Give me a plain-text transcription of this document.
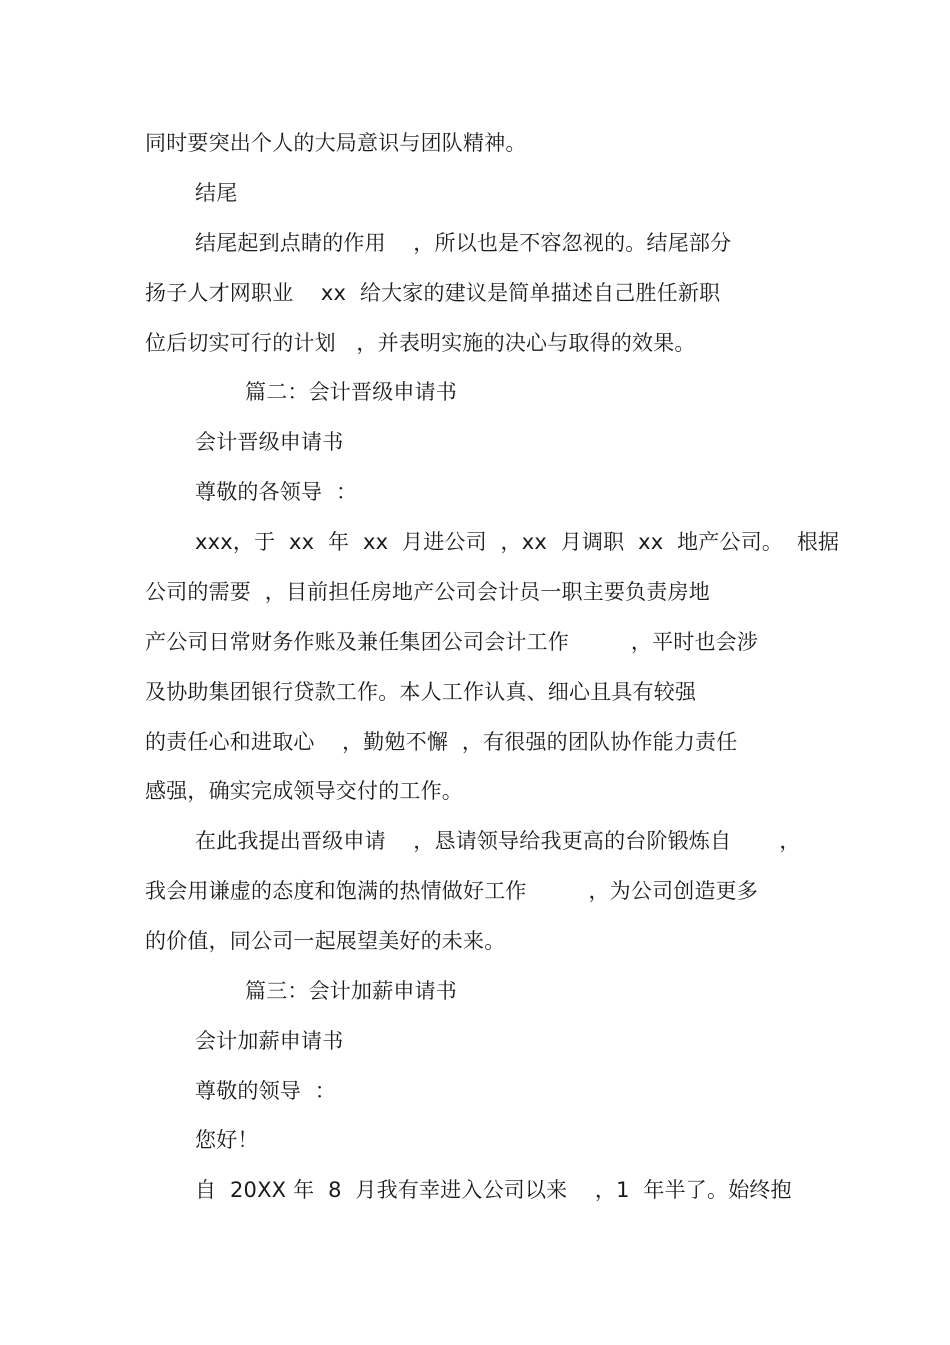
同时要突出个人的大局意识与团队精神。
结尾
结尾起到点睛的作用    ，所以也是不容忽视的。结尾部分
扬子人才网职业    xx  给大家的建议是简单描述自己胜任新职
位后切实可行的计划   ，并表明实施的决心与取得的效果。
篇二：会计晋级申请书
会计晋级申请书
尊敬的各领导  ：
xxx，于  xx  年  xx  月进公司  ，xx  月调职  xx  地产公司。  根据
公司的需要  ，目前担任房地产公司会计员一职主要负责房地
产公司日常财务作账及兼任集团公司会计工作         ，平时也会涉
及协助集团银行贷款工作。本人工作认真、细心且具有较强
的责任心和进取心    ，勤勉不懈  ，有很强的团队协作能力责任
感强，确实完成领导交付的工作。
在此我提出晋级申请    ，恳请领导给我更高的台阶锻炼自       ，
我会用谦虚的态度和饱满的热情做好工作         ，为公司创造更多
的价值，同公司一起展望美好的未来。
篇三：会计加薪申请书
会计加薪申请书
尊敬的领导  ：
您好！
自  20XX 年  8  月我有幸进入公司以来    ，1  年半了。始终抱
